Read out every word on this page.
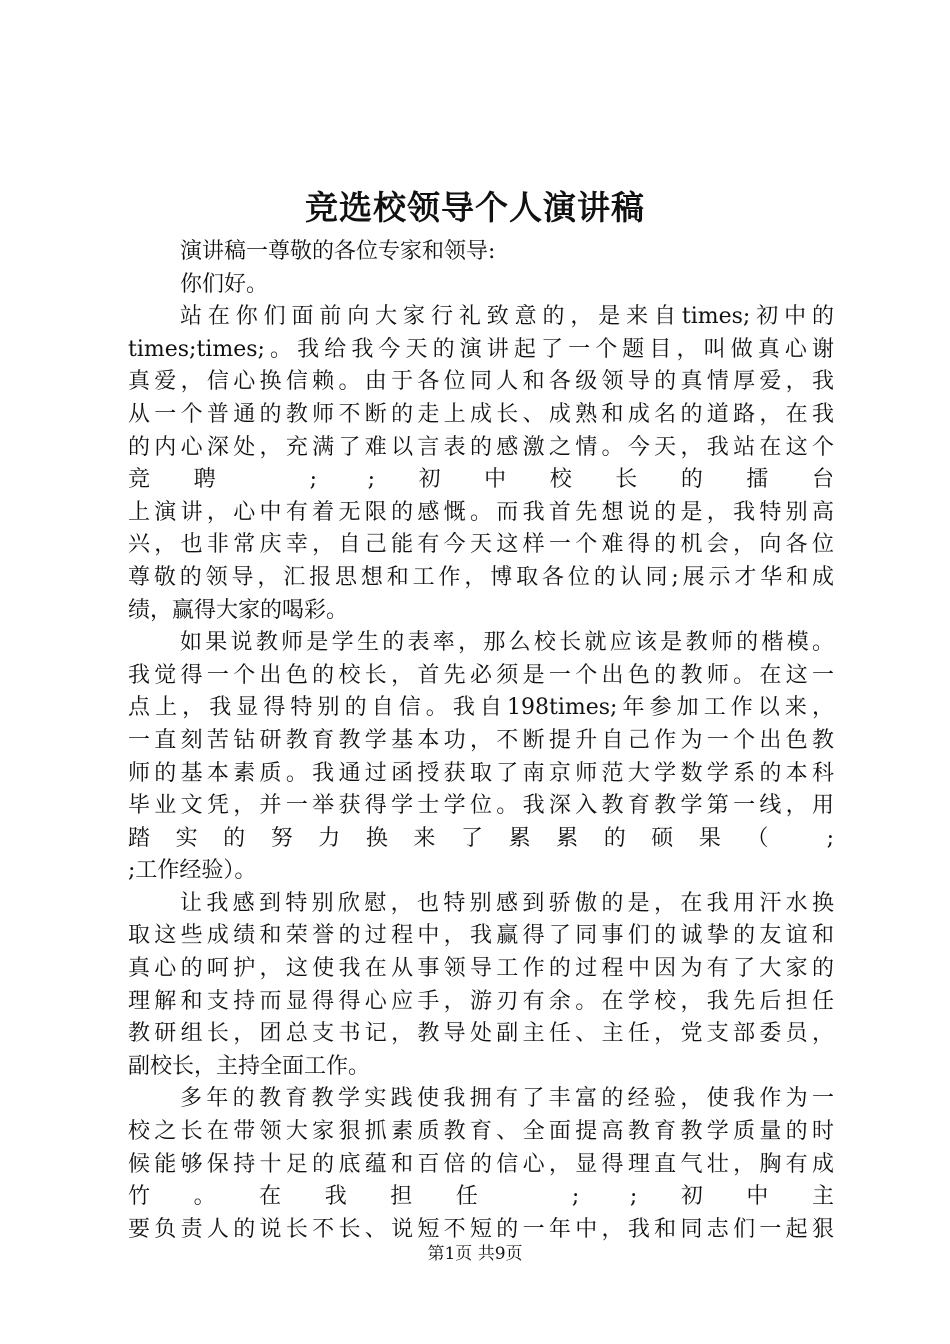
竞选校领导个人演讲稿
演讲稿一尊敬的各位专家和领导:
你们好。
站在你们面前向大家行礼致意的，是来自times;初中的
times;times;。我给我今天的演讲起了一个题目，叫做真心谢
真爱，信心换信赖。由于各位同人和各级领导的真情厚爱，我
从一个普通的教师不断的走上成长、成熟和成名的道路，在我
的内心深处，充满了难以言表的感激之情。今天，我站在这个
竞聘 ; ;初中校长的擂台
上演讲，心中有着无限的感慨。而我首先想说的是，我特别高
兴，也非常庆幸，自己能有今天这样一个难得的机会，向各位
尊敬的领导，汇报思想和工作，博取各位的认同;展示才华和成
绩，赢得大家的喝彩。
如果说教师是学生的表率，那么校长就应该是教师的楷模。
我觉得一个出色的校长，首先必须是一个出色的教师。在这一
点上，我显得特别的自信。我自198times;年参加工作以来，
一直刻苦钻研教育教学基本功，不断提升自己作为一个出色教
师的基本素质。我通过函授获取了南京师范大学数学系的本科
毕业文凭，并一举获得学士学位。我深入教育教学第一线，用
踏实的努力换来了累累的硕果（ ;
;工作经验）。
让我感到特别欣慰，也特别感到骄傲的是，在我用汗水换
取这些成绩和荣誉的过程中，我赢得了同事们的诚挚的友谊和
真心的呵护，这使我在从事领导工作的过程中因为有了大家的
理解和支持而显得得心应手，游刃有余。在学校，我先后担任
教研组长，团总支书记，教导处副主任、主任，党支部委员，
副校长，主持全面工作。
多年的教育教学实践使我拥有了丰富的经验，使我作为一
校之长在带领大家狠抓素质教育、全面提高教育教学质量的时
候能够保持十足的底蕴和百倍的信心，显得理直气壮，胸有成
竹。在我担任 ; ;初中主
要负责人的说长不长、说短不短的一年中，我和同志们一起狠
第1页 共9页
